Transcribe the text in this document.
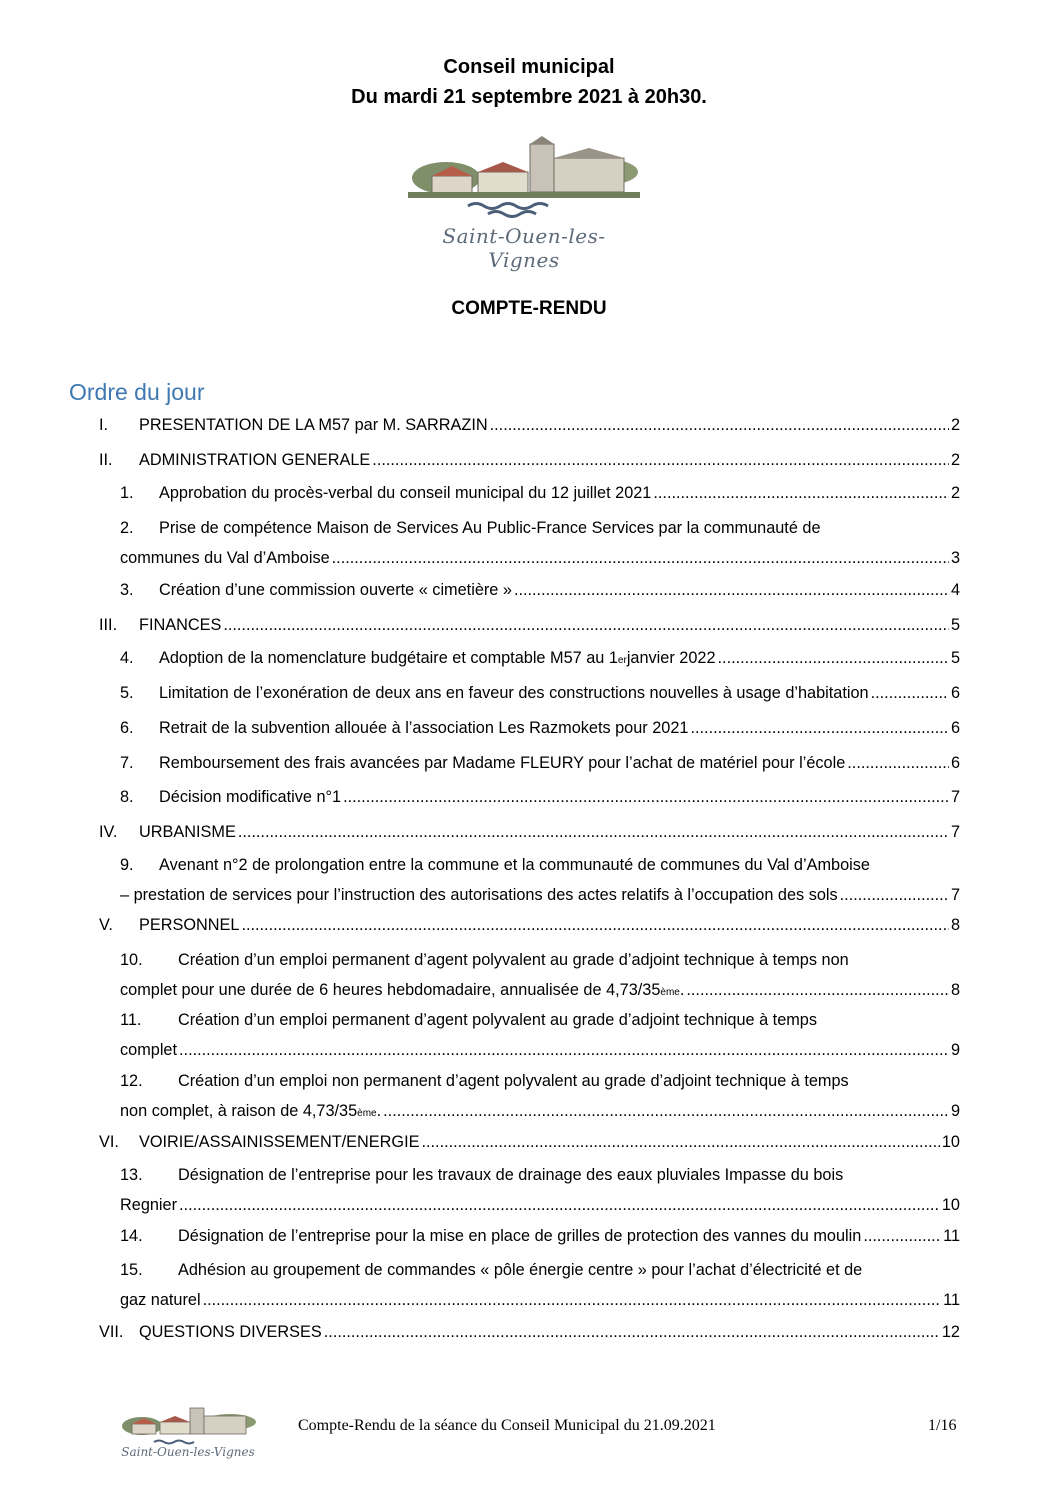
Conseil municipal
Du mardi 21 septembre 2021 à 20h30.
Saint-Ouen-les-Vignes
COMPTE-RENDU
Ordre du jour
I.	PRESENTATION DE LA M57 par M. SARRAZIN .....	2
II.	ADMINISTRATION GENERALE .....	2
1.	Approbation du procès-verbal du conseil municipal du 12 juillet 2021 .....	2
2.	Prise de compétence Maison de Services Au Public-France Services par la communauté de
communes du Val d’Amboise .....	3
3.	Création d’une commission ouverte « cimetière » .....	4
III.	FINANCES .....	5
4.	Adoption de la nomenclature budgétaire et comptable M57 au 1 er janvier 2022 .....	5
5.	Limitation de l’exonération de deux ans en faveur des constructions nouvelles à usage d’habitation .....	6
6.	Retrait de la subvention allouée à l’association Les Razmokets pour 2021 .....	6
7.	Remboursement des frais avancées par Madame FLEURY pour l’achat de matériel pour l’école .....	6
8.	Décision modificative n°1 .....	7
IV.	URBANISME .....	7
9.	Avenant n°2 de prolongation entre la commune et la communauté de communes du Val d’Amboise
– prestation de services pour l’instruction des autorisations des actes relatifs à l’occupation des sols .....	7
V.	PERSONNEL .....	8
10.	Création d’un emploi permanent d’agent polyvalent au grade d’adjoint technique à temps non
complet pour une durée de 6 heures hebdomadaire, annualisée de 4,73/35 ème . .....	8
11.	Création d’un emploi permanent d’agent polyvalent au grade d’adjoint technique à temps
complet .....	9
12.	Création d’un emploi non permanent d’agent polyvalent au grade d’adjoint technique à temps
non complet, à raison de 4,73/35 ème . .....	9
VI.	VOIRIE/ASSAINISSEMENT/ENERGIE .....	10
13.	Désignation de l’entreprise pour les travaux de drainage des eaux pluviales Impasse du bois
Regnier .....	10
14.	Désignation de l’entreprise pour la mise en place de grilles de protection des vannes du moulin .....	11
15.	Adhésion au groupement de commandes « pôle énergie centre » pour l’achat d’électricité et de
gaz naturel .....	11
VII. QUESTIONS DIVERSES .....	12
Saint-Ouen-les-Vignes
Compte-Rendu de la séance du Conseil Municipal du 21.09.2021	1/16
